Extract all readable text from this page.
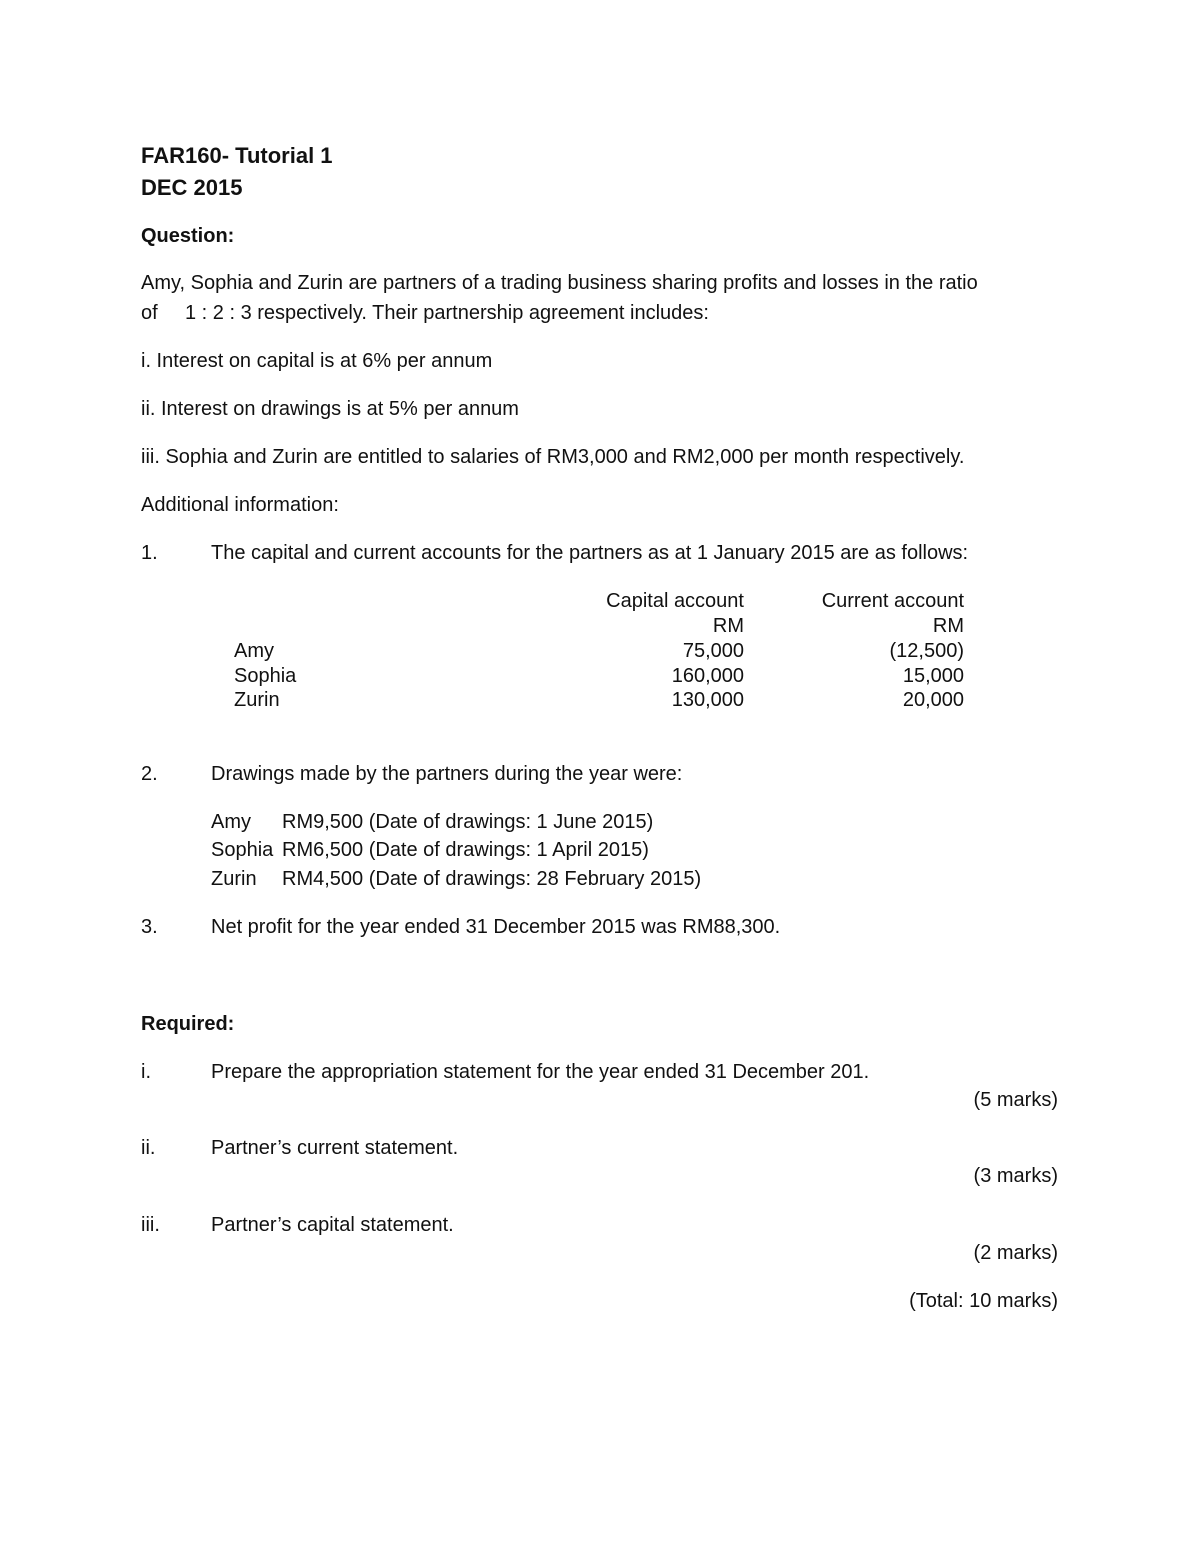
FAR160- Tutorial 1
DEC 2015
Question:
Amy, Sophia and Zurin are partners of a trading business sharing profits and losses in the ratio
of 1 : 2 : 3 respectively. Their partnership agreement includes:
i. Interest on capital is at 6% per annum
ii. Interest on drawings is at 5% per annum
iii. Sophia and Zurin are entitled to salaries of RM3,000 and RM2,000 per month respectively.
Additional information:
1.	The capital and current accounts for the partners as at 1 January 2015 are as follows:
Capital account	Current account
RM	RM
Amy	75,000	(12,500)
Sophia	160,000	15,000
Zurin	130,000	20,000
2.	Drawings made by the partners during the year were:
Amy RM9,500 (Date of drawings: 1 June 2015)
Sophia RM6,500 (Date of drawings: 1 April 2015)
Zurin RM4,500 (Date of drawings: 28 February 2015)
3.	Net profit for the year ended 31 December 2015 was RM88,300.
Required:
i.	Prepare the appropriation statement for the year ended 31 December 201.
(5 marks)
ii.	Partner’s current statement.
(3 marks)
iii.	Partner’s capital statement.
(2 marks)
(Total: 10 marks)
